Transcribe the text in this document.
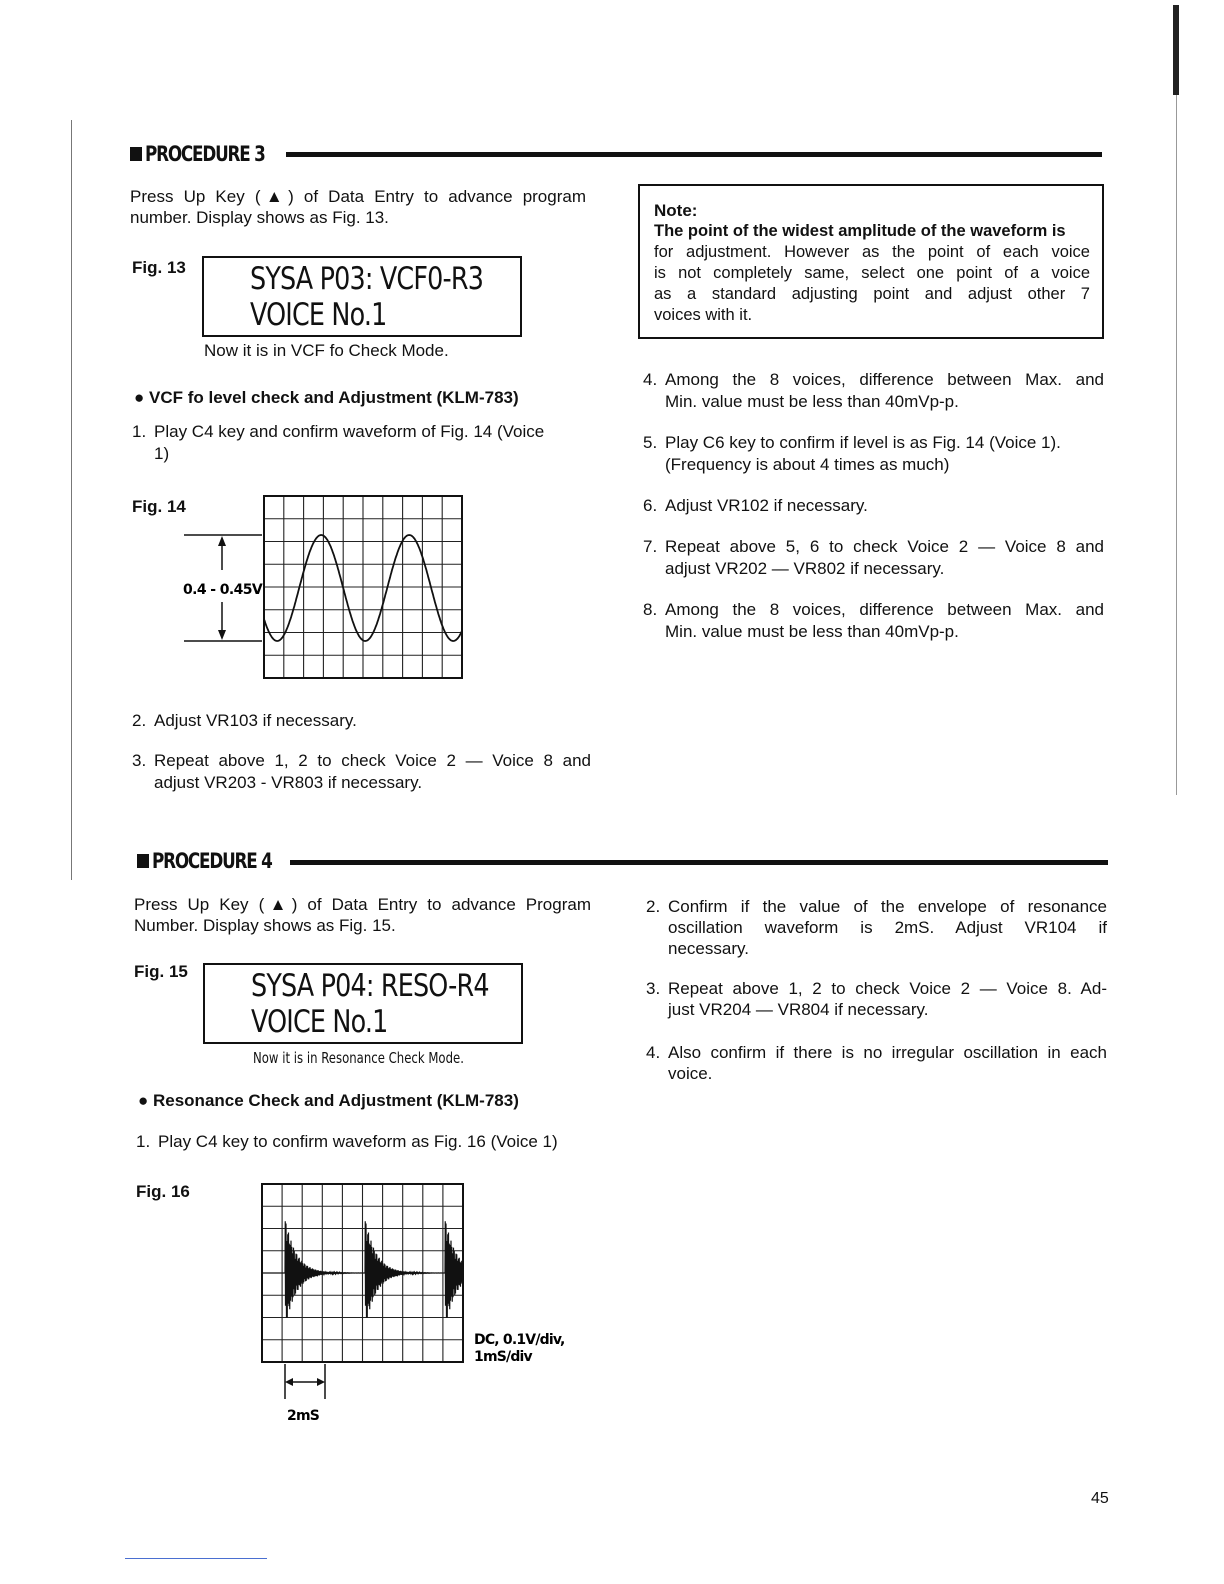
PROCEDURE 3
Press Up Key (▲) of Data Entry to advance program
number. Display shows as Fig. 13.
Fig. 13 SYSA P03: VCF0-R3
VOICE No.1
Now it is in VCF fo Check Mode.
● VCF fo level check and Adjustment (KLM-783)
1. Play C4 key and confirm waveform of Fig. 14 (Voice
1)
Fig. 14
0.4 - 0.45V
2. Adjust VR103 if necessary.
3. Repeat above 1, 2 to check Voice 2 — Voice 8 and
adjust VR203 - VR803 if necessary.
Note:
The point of the widest amplitude of the waveform is
for adjustment. However as the point of each voice
is not completely same, select one point of a voice
as a standard adjusting point and adjust other 7
voices with it.
4. Among the 8 voices, difference between Max. and
Min. value must be less than 40mVp-p.
5. Play C6 key to confirm if level is as Fig. 14 (Voice 1).
(Frequency is about 4 times as much)
6. Adjust VR102 if necessary.
7. Repeat above 5, 6 to check Voice 2 — Voice 8 and
adjust VR202 — VR802 if necessary.
8. Among the 8 voices, difference between Max. and
Min. value must be less than 40mVp-p.
PROCEDURE 4
Press Up Key (▲) of Data Entry to advance Program
Number. Display shows as Fig. 15.
Fig. 15 SYSA P04: RESO-R4
VOICE No.1
Now it is in Resonance Check Mode.
● Resonance Check and Adjustment (KLM-783)
1. Play C4 key to confirm waveform as Fig. 16 (Voice 1)
Fig. 16
DC, 0.1V/div,
1mS/div
2mS
2. Confirm if the value of the envelope of resonance
oscillation waveform is 2mS. Adjust VR104 if
necessary.
3. Repeat above 1, 2 to check Voice 2 — Voice 8. Ad-
just VR204 — VR804 if necessary.
4. Also confirm if there is no irregular oscillation in each
voice.
45
